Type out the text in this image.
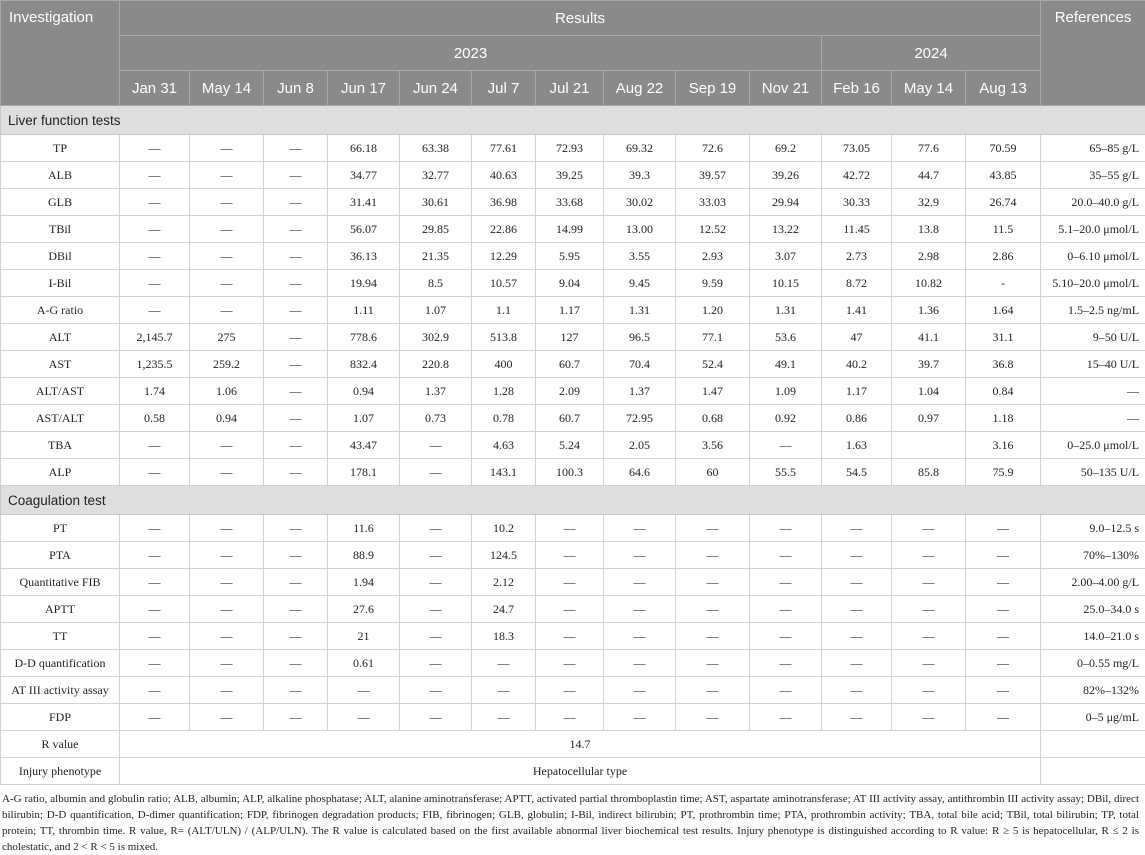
Investigation	Results													References
	2023										2024			
	Jan 31	May 14	Jun 8	Jun 17	Jun 24	Jul 7	Jul 21	Aug 22	Sep 19	Nov 21	Feb 16	May 14	Aug 13	
Liver function tests														
TP	—	—	—	66.18	63.38	77.61	72.93	69.32	72.6	69.2	73.05	77.6	70.59	65–85 g/L
ALB	—	—	—	34.77	32.77	40.63	39.25	39.3	39.57	39.26	42.72	44.7	43.85	35–55 g/L
GLB	—	—	—	31.41	30.61	36.98	33.68	30.02	33.03	29.94	30.33	32.9	26.74	20.0–40.0 g/L
TBil	—	—	—	56.07	29.85	22.86	14.99	13.00	12.52	13.22	11.45	13.8	11.5	5.1–20.0 μmol/L
DBil	—	—	—	36.13	21.35	12.29	5.95	3.55	2.93	3.07	2.73	2.98	2.86	0–6.10 μmol/L
I-Bil	—	—	—	19.94	8.5	10.57	9.04	9.45	9.59	10.15	8.72	10.82	-	5.10–20.0 μmol/L
A-G ratio	—	—	—	1.11	1.07	1.1	1.17	1.31	1.20	1.31	1.41	1.36	1.64	1.5–2.5 ng/mL
ALT	2,145.7	275	—	778.6	302.9	513.8	127	96.5	77.1	53.6	47	41.1	31.1	9–50 U/L
AST	1,235.5	259.2	—	832.4	220.8	400	60.7	70.4	52.4	49.1	40.2	39.7	36.8	15–40 U/L
ALT/AST	1.74	1.06	—	0.94	1.37	1.28	2.09	1.37	1.47	1.09	1.17	1.04	0.84	—
AST/ALT	0.58	0.94	—	1.07	0.73	0.78	60.7	72.95	0.68	0.92	0.86	0.97	1.18	—
TBA	—	—	—	43.47	—	4.63	5.24	2.05	3.56	—	1.63		3.16	0–25.0 μmol/L
ALP	—	—	—	178.1	—	143.1	100.3	64.6	60	55.5	54.5	85.8	75.9	50–135 U/L
Coagulation test														
PT	—	—	—	11.6	—	10.2	—	—	—	—	—	—	—	9.0–12.5 s
PTA	—	—	—	88.9	—	124.5	—	—	—	—	—	—	—	70%–130%
Quantitative FIB	—	—	—	1.94	—	2.12	—	—	—	—	—	—	—	2.00–4.00 g/L
APTT	—	—	—	27.6	—	24.7	—	—	—	—	—	—	—	25.0–34.0 s
TT	—	—	—	21	—	18.3	—	—	—	—	—	—	—	14.0–21.0 s
D-D quantification	—	—	—	0.61	—	—	—	—	—	—	—	—	—	0–0.55 mg/L
AT III activity assay	—	—	—	—	—	—	—	—	—	—	—	—	—	82%–132%
FDP	—	—	—	—	—	—	—	—	—	—	—	—	—	0–5 μg/mL
R value	14.7													
Injury phenotype	Hepatocellular type													

A-G ratio, albumin and globulin ratio; ALB, albumin; ALP, alkaline phosphatase; ALT, alanine aminotransferase; APTT, activated partial thromboplastin time; AST, aspartate aminotransferase; AT III activity assay, antithrombin III activity assay; DBil, direct bilirubin; D-D quantification, D-dimer quantification; FDP, fibrinogen degradation products; FIB, fibrinogen; GLB, globulin; I-Bil, indirect bilirubin; PT, prothrombin time; PTA, prothrombin activity; TBA, total bile acid; TBil, total bilirubin; TP, total protein; TT, thrombin time. R value, R= (ALT/ULN) / (ALP/ULN). The R value is calculated based on the first available abnormal liver biochemical test results. Injury phenotype is distinguished according to R value: R ≥ 5 is hepatocellular, R ≤ 2 is cholestatic, and 2 < R < 5 is mixed.
